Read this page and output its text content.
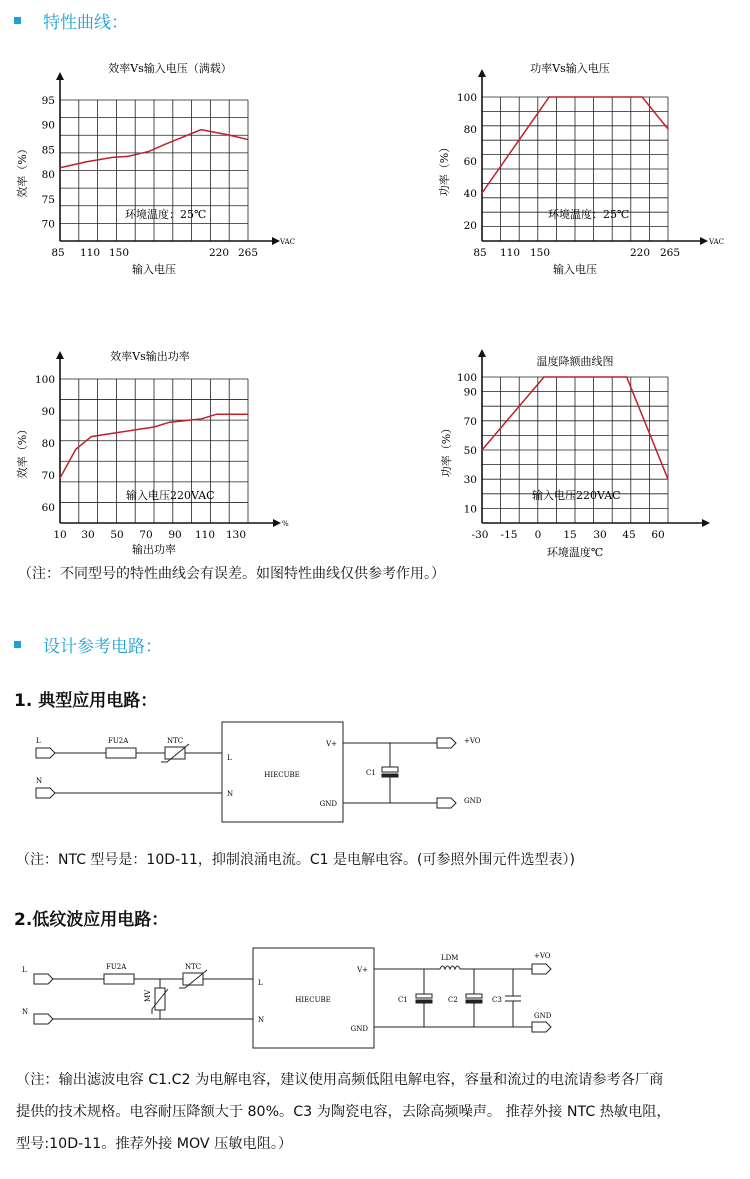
特性曲线：
效率Vs输入电压（满载）
85 110 150	220 265
70
75
80
85
90
95
VAC
输入电压
效率（%）
环境温度：25℃
功率Vs输入电压
85 110 150	220 265
20
40
60
80
100
VAC
输入电压
功率（%）
环境温度：25℃
效率Vs输出功率
10 30 50 70 90 110 130
60
70
80
90
100
%
输出功率
效率（%）
输入电压220VAC
温度降额曲线图
-30 -15 0 15 30 45 60
10
30
50
70
90
100
环境温度℃
功率（%）
输入电压220VAC
（注：不同型号的特性曲线会有误差。如图特性曲线仅供参考作用。）
设计参考电路：
1. 典型应用电路：
L
N
FU2A	NTC
L
N
HIECUBE
V+
GND
C1
+VO
GND
（注：NTC 型号是：10D-11，抑制浪涌电流。C1 是电解电容。(可参照外围元件选型表）)
2.低纹波应用电路：
L
N
FU2A	NTC
MV
L
N
HIECUBE
V+
GND
LDM
C1	C2	C3
+VO
GND
（注：输出滤波电容 C1.C2 为电解电容，建议使用高频低阻电解电容，容量和流过的电流请参考各厂商
提供的技术规格。电容耐压降额大于 80%。C3 为陶瓷电容，去除高频噪声。 推荐外接 NTC 热敏电阻，
型号:10D-11。推荐外接 MOV 压敏电阻。）
